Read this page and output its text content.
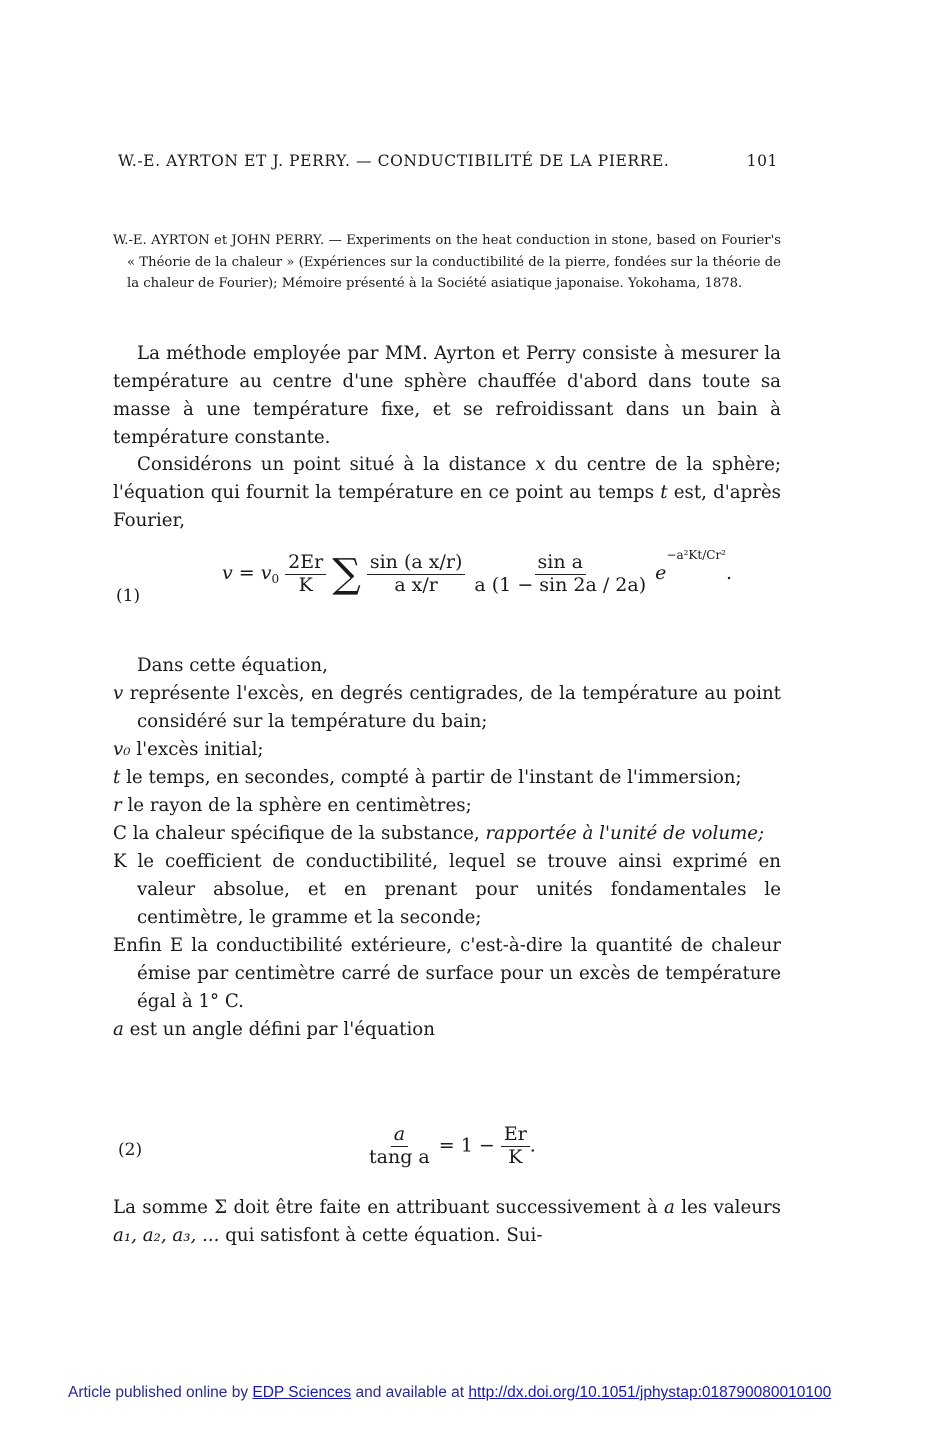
W.-E. AYRTON ET J. PERRY. — CONDUCTIBILITÉ DE LA PIERRE.	101
W.-E. AYRTON et JOHN PERRY. — Experiments on the heat conduction in stone, based on Fourier's « Théorie de la chaleur » (Expériences sur la conductibilité de la pierre, fondées sur la théorie de la chaleur de Fourier); Mémoire présenté à la Société asiatique japonaise. Yokohama, 1878.
La méthode employée par MM. Ayrton et Perry consiste à mesurer la température au centre d'une sphère chauffée d'abord dans toute sa masse à une température fixe, et se refroidissant dans un bain à température constante.
Considérons un point situé à la distance x du centre de la sphère; l'équation qui fournit la température en ce point au temps t est, d'après Fourier,
(1)
$v = v_0 \frac{2Er}{K}$ ∑ $\frac{\text{sin (a x/r)}}{\text{a x/r}}$
$\frac{\text{sin a}}{a (1 - \sin 2a / 2a)} e^{-a^2Kt/Cr^2}$.
Dans cette équation,
v représente l'excès, en degrés centigrades, de la température au point considéré sur la température du bain;
v₀ l'excès initial;
t le temps, en secondes, compté à partir de l'instant de l'immersion;
r le rayon de la sphère en centimètres;
C la chaleur spécifique de la substance, rapportée à l'unité de volume;
K le coefficient de conductibilité, lequel se trouve ainsi exprimé en valeur absolue, et en prenant pour unités fondamentales le centimètre, le gramme et la seconde;
Enfin E la conductibilité extérieure, c'est-à-dire la quantité de chaleur émise par centimètre carré de surface pour un excès de température égal à 1° C.
a est un angle défini par l'équation
(2)	$\frac{a}{\text{tang a}} = 1 - \frac{Er}{K}$ .
La somme Σ doit être faite en attribuant successivement à a les valeurs a₁, a₂, a₃, ... qui satisfont à cette équation. Sui-
Article published online by EDP Sciences and available at http://dx.doi.org/10.1051/jphystap:018790080010100
